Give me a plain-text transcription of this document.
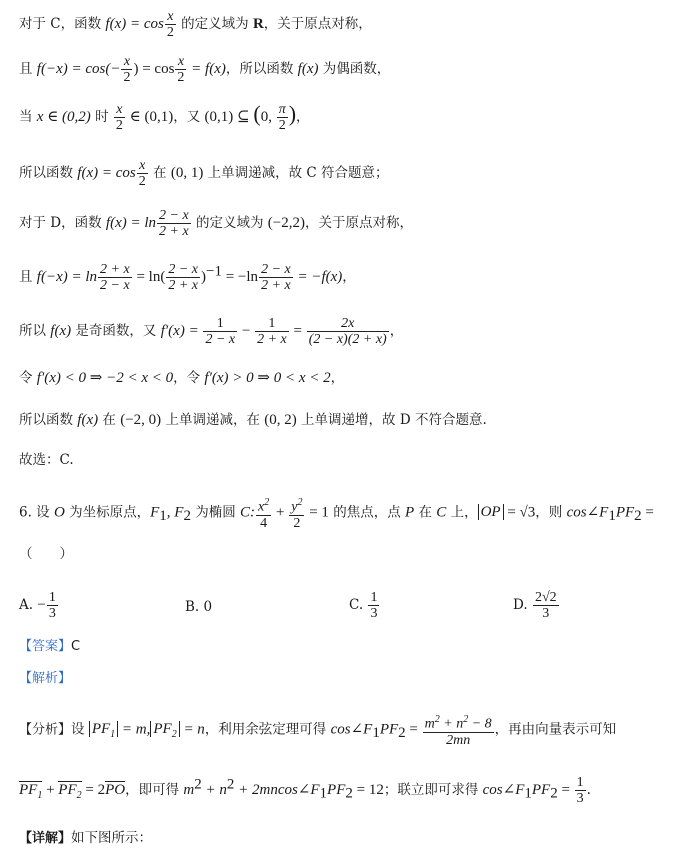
对于 C，函数 $f(x) = \cos \frac{x}{2}$ 的定义域为 R，关于原点对称，
且 $f(-x) = \cos(- \frac{x}{2}$ ) = $\cos \frac{x}{2} = f(x)$，所以函数 f(x) 为偶函数，
当 x ∈ (0,2) 时 $\frac{x}{2}$ ∈ (0,1)，又 (0,1) ⊆ (0, $\frac{\pi}{2}$ )，
所以函数 $f(x) = \cos \frac{x}{2}$ 在 (0, 1) 上单调递减，故 C 符合题意；
对于 D，函数 $f(x) = \ln \frac{2 - x}{2 + x}$ 的定义域为 (−2,2)，关于原点对称，
且 $f(-x) = \ln \frac{2 + x}{2 - x} = \ln( \frac{2 - x}{2 + x} )^{-1} = -\ln \frac{2 - x}{2 + x} = -f(x)$，
所以 f(x) 是奇函数，又 $f'(x) = \frac{1}{2 - x} - \frac{1}{2 + x} = \frac{2x}{(2 - x)(2 + x)}$ ，
令 f′(x) < 0 ⇒ −2 < x < 0，令 f′(x) > 0 ⇒ 0 < x < 2，
所以函数 f(x) 在 (−2, 0) 上单调递减，在 (0, 2) 上单调递增，故 D 不符合题意.
故选：C.
6. 设 O 为坐标原点，$F_1$, $F_2$ 为椭圆 C: $\frac{x^2}{4} + \frac{y^2}{2} = 1$ 的焦点，点 P 在 C 上， OP = √3，则 $\cos\angle F_1PF_2$ =
（　　）
A. − $\frac{1}{3}$	B. 0	C. $\frac{1}{3}$	D. $\frac{2√2}{3}$
【答案】C
【解析】
【分析】设 $PF_1 = m$, $PF_2 = n$，利用余弦定理可得 $\cos\angle F_1PF_2 = \frac{m^2 + n^2 - 8}{2mn}$ ，再由向量表示可知
$PF_1 + PF_2 = 2PO$，即可得 $m^2 + n^2$ + $2mncos\angle F_1PF_2 = 12$；联立即可求得 $\cos\angle F_1PF_2 = \frac{1}{3}$ .
【详解】如下图所示：
